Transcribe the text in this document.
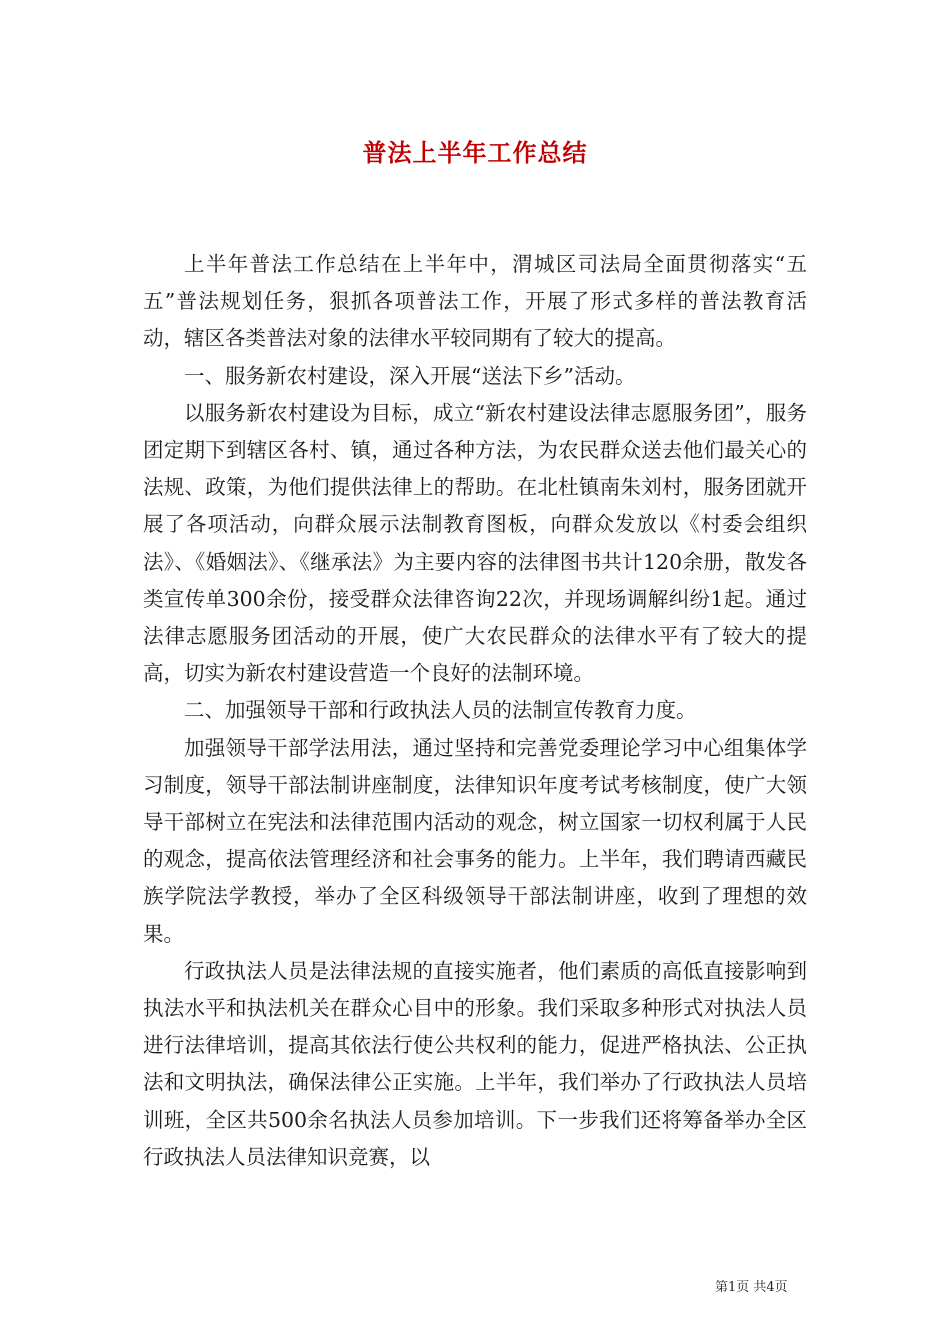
普法上半年工作总结

上半年普法工作总结在上半年中，渭城区司法局全面贯彻落实“五五”普法规划任务，狠抓各项普法工作，开展了形式多样的普法教育活动，辖区各类普法对象的法律水平较同期有了较大的提高。

一、服务新农村建设，深入开展“送法下乡”活动。

以服务新农村建设为目标，成立“新农村建设法律志愿服务团”，服务团定期下到辖区各村、镇，通过各种方法，为农民群众送去他们最关心的法规、政策，为他们提供法律上的帮助。在北杜镇南朱刘村，服务团就开展了各项活动，向群众展示法制教育图板，向群众发放以《村委会组织法》、《婚姻法》、《继承法》为主要内容的法律图书共计120余册，散发各类宣传单300余份，接受群众法律咨询22次，并现场调解纠纷1起。通过法律志愿服务团活动的开展，使广大农民群众的法律水平有了较大的提高，切实为新农村建设营造一个良好的法制环境。

二、加强领导干部和行政执法人员的法制宣传教育力度。

加强领导干部学法用法，通过坚持和完善党委理论学习中心组集体学习制度，领导干部法制讲座制度，法律知识年度考试考核制度，使广大领导干部树立在宪法和法律范围内活动的观念，树立国家一切权利属于人民的观念，提高依法管理经济和社会事务的能力。上半年，我们聘请西藏民族学院法学教授，举办了全区科级领导干部法制讲座，收到了理想的效果。

行政执法人员是法律法规的直接实施者，他们素质的高低直接影响到执法水平和执法机关在群众心目中的形象。我们采取多种形式对执法人员进行法律培训，提高其依法行使公共权利的能力，促进严格执法、公正执法和文明执法，确保法律公正实施。上半年，我们举办了行政执法人员培训班，全区共500余名执法人员参加培训。下一步我们还将筹备举办全区行政执法人员法律知识竞赛，以

第1页 共4页
